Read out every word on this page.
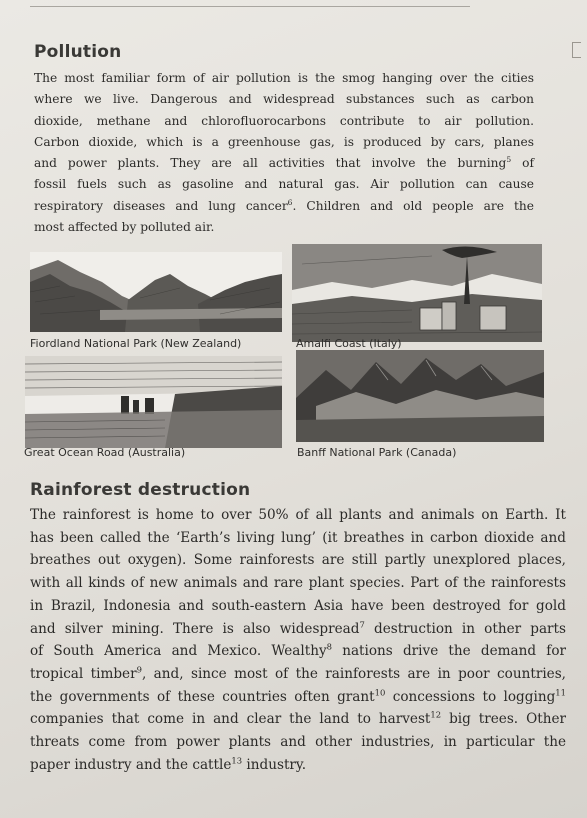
Pollution
The most familiar form of air pollution is the smog hanging over the cities
where we live. Dangerous and widespread substances such as carbon
dioxide, methane and chlorofluorocarbons contribute to air pollution.
Carbon dioxide, which is a greenhouse gas, is produced by cars, planes
and power plants. They are all activities that involve the burning$^5$ of
fossil fuels such as gasoline and natural gas. Air pollution can cause
respiratory diseases and lung cancer$^6$. Children and old people are the
most affected by polluted air.
Fiordland National Park (New Zealand)	Amalfi Coast (Italy)
Great Ocean Road (Australia)	Banff National Park (Canada)
Rainforest destruction
The rainforest is home to over 50% of all plants and animals on Earth. It
has been called the ‘Earth’s living lung’ (it breathes in carbon dioxide and
breathes out oxygen). Some rainforests are still partly unexplored places,
with all kinds of new animals and rare plant species. Part of the rainforests
in Brazil, Indonesia and south-eastern Asia have been destroyed for gold
and silver mining. There is also widespread$^7$ destruction in other parts
of South America and Mexico. Wealthy$^8$ nations drive the demand for
tropical timber$^9$, and, since most of the rainforests are in poor countries,
the governments of these countries often grant$^{10}$ concessions to logging$^{11}$
companies that come in and clear the land to harvest$^{12}$ big trees. Other
threats come from power plants and other industries, in particular the
paper industry and the cattle$^{13}$ industry.
